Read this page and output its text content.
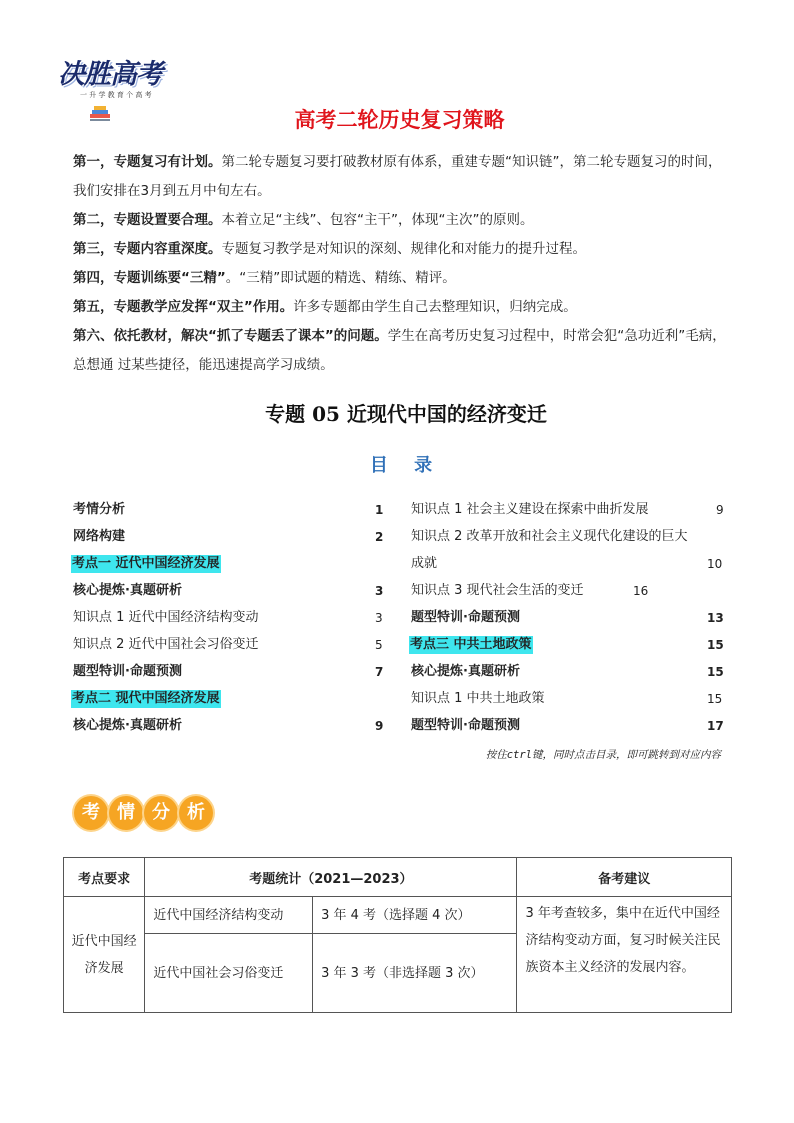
决胜高考
一 升 学 教 育 个 高 考
高考二轮历史复习策略
第一，专题复习有计划。第二轮专题复习要打破教材原有体系，重建专题“知识链”，第二轮专题复习的时间，我们安排在3月到五月中旬左右。
第二，专题设置要合理。本着立足“主线”、包容“主干”，体现“主次”的原则。
第三，专题内容重深度。专题复习教学是对知识的深刻、规律化和对能力的提升过程。
第四，专题训练要“三精”。“三精”即试题的精选、精练、精评。
第五，专题教学应发挥“双主”作用。许多专题都由学生自己去整理知识，归纳完成。
第六、依托教材，解决“抓了专题丢了课本”的问题。学生在高考历史复习过程中，时常会犯“急功近利”毛病，总想通 过某些捷径，能迅速提高学习成绩。
专题 05 近现代中国的经济变迁
目 录
考情分析	1
网络构建	2
考点一 近代中国经济发展
核心提炼·真题研析	3
知识点 1 近代中国经济结构变动	3
知识点 2 近代中国社会习俗变迁	5
题型特训·命题预测	7
考点二 现代中国经济发展
核心提炼·真题研析	9
知识点 1 社会主义建设在探索中曲折发展	9
知识点 2 改革开放和社会主义现代化建设的巨大
成就	10
知识点 3 现代社会生活的变迁	16
题型特训·命题预测	13
考点三 中共土地政策	15
核心提炼·真题研析	15
知识点 1 中共土地政策	15
题型特训·命题预测	17
按住ctrl键，同时点击目录，即可跳转到对应内容
考 情 分 析
考点要求	考题统计（2021—2023）		备考建议
近代中国经济发展	近代中国经济结构变动	3 年 4 考（选择题 4 次）	3 年考查较多，集中在近代中国经济结构变动方面，复习时候关注民族资本主义经济的发展内容。
	近代中国社会习俗变迁	3 年 3 考（非选择题 3 次）	
